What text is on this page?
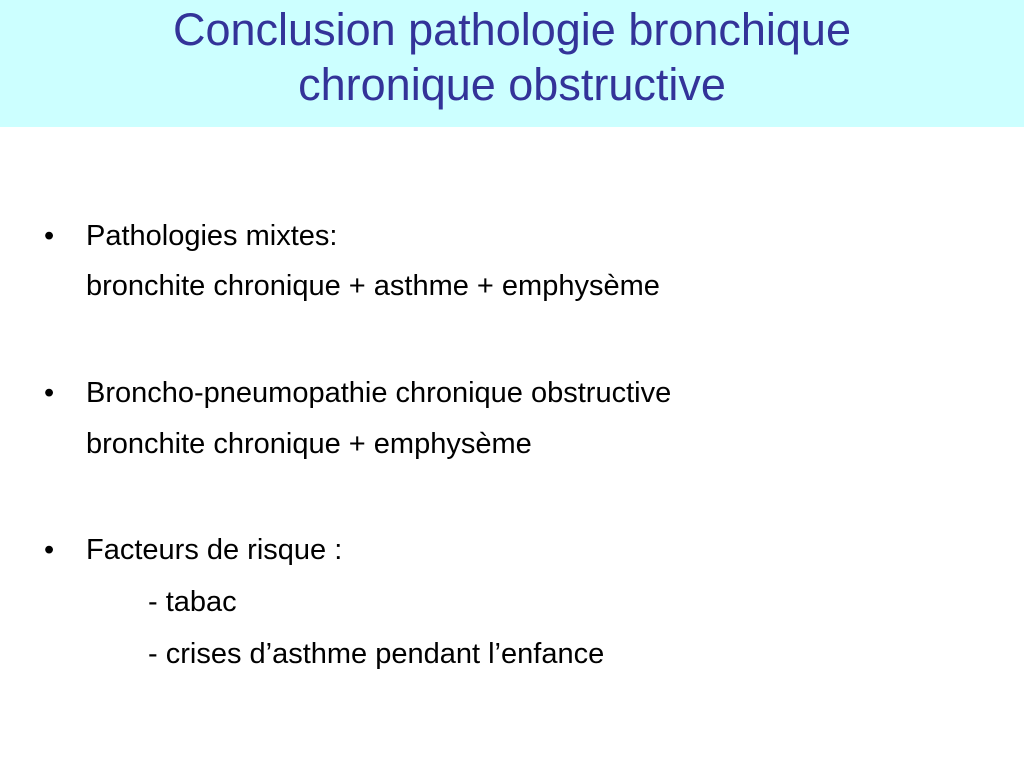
Conclusion pathologie bronchique
chronique obstructive
• Pathologies mixtes:
bronchite chronique + asthme + emphysème
• Broncho-pneumopathie chronique obstructive
bronchite chronique + emphysème
• Facteurs de risque :
- tabac
- crises d’asthme pendant l’enfance
